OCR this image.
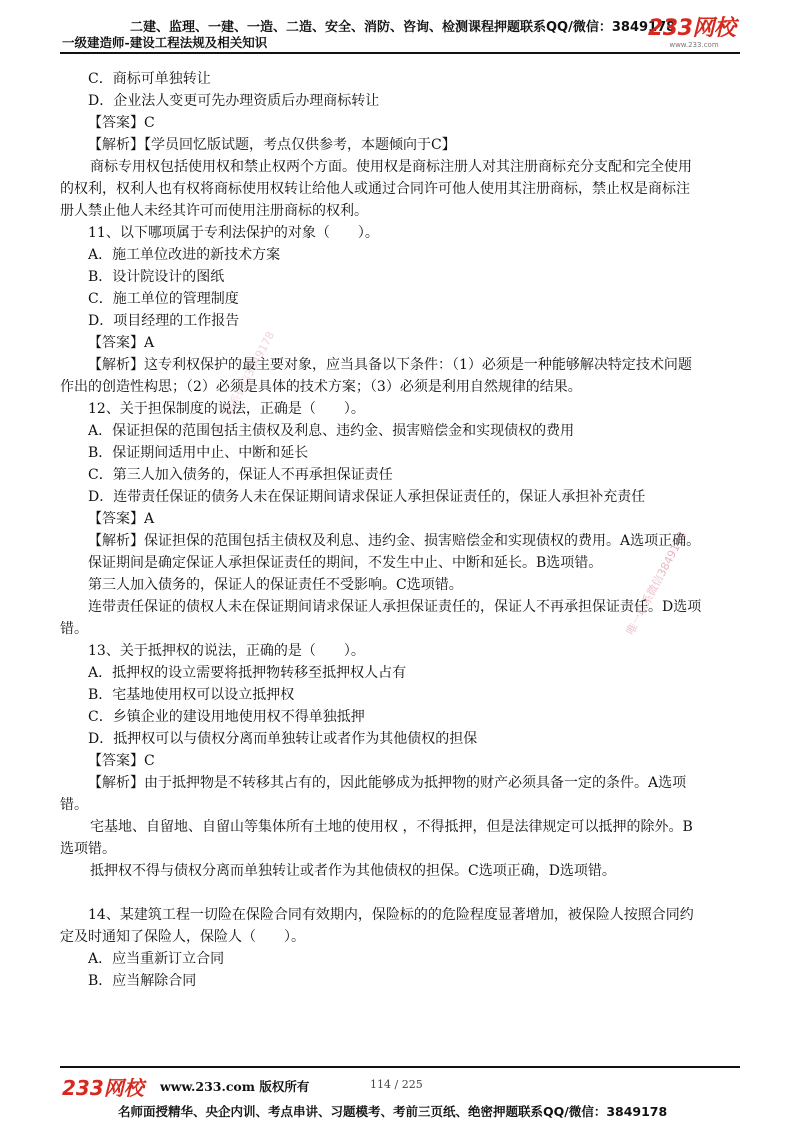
二建、监理、一建、一造、二造、安全、消防、咨询、检测课程押题联系QQ/微信：3849178
一级建造师-建设工程法规及相关知识
233网校
www.233.com
唯一联系微信3849178
唯一联系微信3849178

C．商标可单独转让

D．企业法人变更可先办理资质后办理商标转让

【答案】C

【解析】【学员回忆版试题，考点仅供参考，本题倾向于C】

商标专用权包括使用权和禁止权两个方面。使用权是商标注册人对其注册商标充分支配和完全使用

的权利，权利人也有权将商标使用权转让给他人或通过合同许可他人使用其注册商标，禁止权是商标注

册人禁止他人未经其许可而使用注册商标的权利。

11、以下哪项属于专利法保护的对象（　　）。

A．施工单位改进的新技术方案

B．设计院设计的图纸

C．施工单位的管理制度

D．项目经理的工作报告

【答案】A

【解析】这专利权保护的最主要对象，应当具备以下条件：（1）必须是一种能够解决特定技术问题

作出的创造性构思；（2）必须是具体的技术方案；（3）必须是利用自然规律的结果。

12、关于担保制度的说法，正确是（　　）。

A．保证担保的范围包括主债权及利息、违约金、损害赔偿金和实现债权的费用

B．保证期间适用中止、中断和延长

C．第三人加入债务的，保证人不再承担保证责任

D．连带责任保证的债务人未在保证期间请求保证人承担保证责任的，保证人承担补充责任

【答案】A

【解析】保证担保的范围包括主债权及利息、违约金、损害赔偿金和实现债权的费用。A选项正确。

保证期间是确定保证人承担保证责任的期间，不发生中止、中断和延长。B选项错。

第三人加入债务的，保证人的保证责任不受影响。C选项错。

连带责任保证的债权人未在保证期间请求保证人承担保证责任的，保证人不再承担保证责任。D选项

错。

13、关于抵押权的说法，正确的是（　　）。

A．抵押权的设立需要将抵押物转移至抵押权人占有

B．宅基地使用权可以设立抵押权

C．乡镇企业的建设用地使用权不得单独抵押

D．抵押权可以与债权分离而单独转让或者作为其他债权的担保

【答案】C

【解析】由于抵押物是不转移其占有的，因此能够成为抵押物的财产必须具备一定的条件。A选项

错。

宅基地、自留地、自留山等集体所有土地的使用权 ，不得抵押，但是法律规定可以抵押的除外。B

选项错。

抵押权不得与债权分离而单独转让或者作为其他债权的担保。C选项正确，D选项错。

14、某建筑工程一切险在保险合同有效期内，保险标的的危险程度显著增加，被保险人按照合同约

定及时通知了保险人，保险人（　　）。

A．应当重新订立合同

B．应当解除合同

233网校 www.233.com 版权所有	114 / 225
名师面授精华、央企内训、考点串讲、习题模考、考前三页纸、绝密押题联系QQ/微信：3849178
